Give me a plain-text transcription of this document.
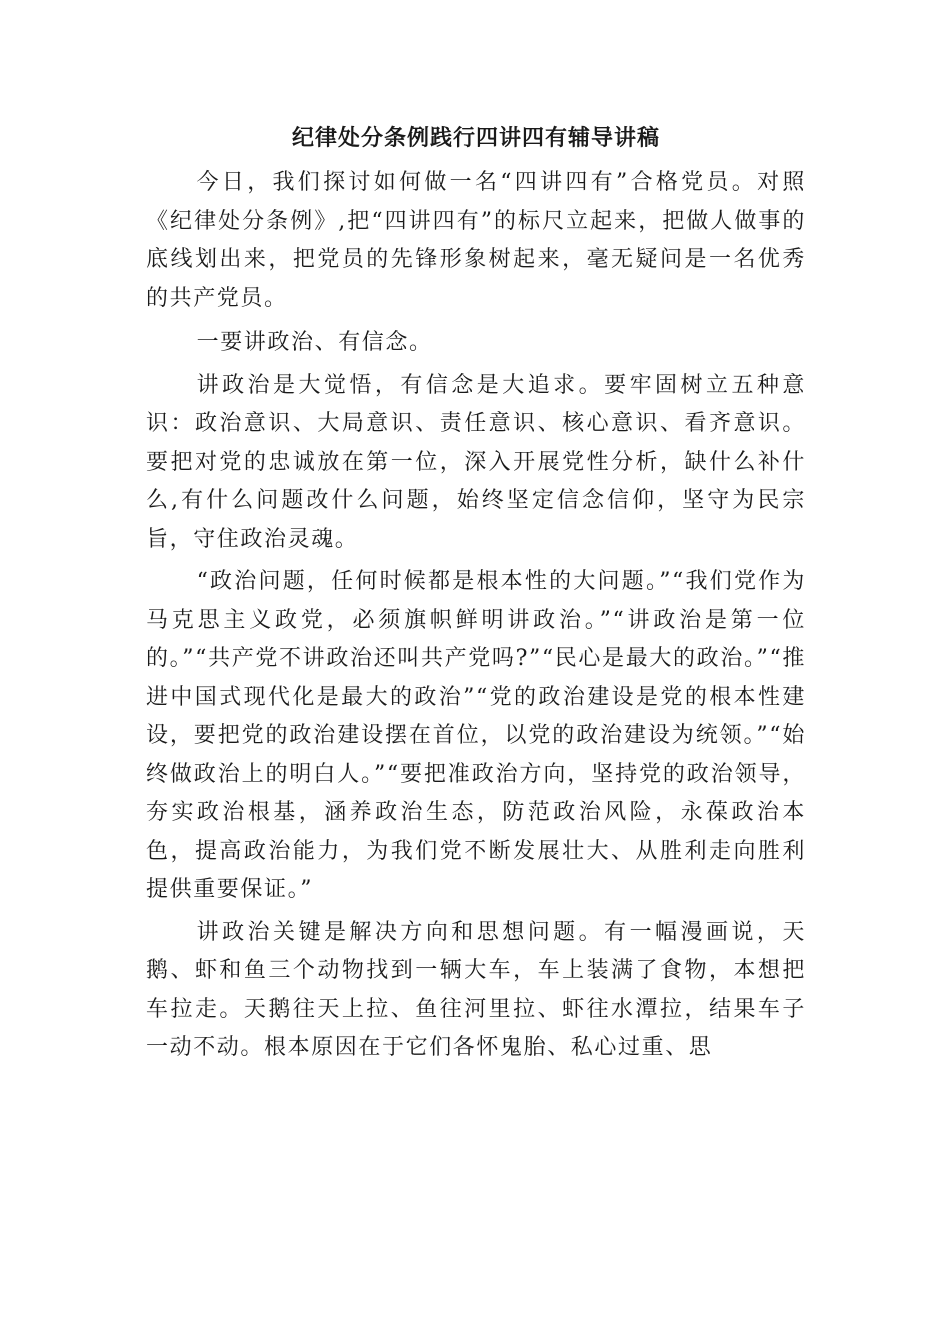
纪律处分条例践行四讲四有辅导讲稿

今日，我们探讨如何做一名“四讲四有”合格党员。对照《纪律处分条例》,把“四讲四有”的标尺立起来，把做人做事的底线划出来，把党员的先锋形象树起来，毫无疑问是一名优秀的共产党员。

一要讲政治、有信念。

讲政治是大觉悟，有信念是大追求。要牢固树立五种意识：政治意识、大局意识、责任意识、核心意识、看齐意识。要把对党的忠诚放在第一位，深入开展党性分析，缺什么补什么,有什么问题改什么问题，始终坚定信念信仰，坚守为民宗旨，守住政治灵魂。

“政治问题，任何时候都是根本性的大问题。”“我们党作为马克思主义政党，必须旗帜鲜明讲政治。”“讲政治是第一位的。”“共产党不讲政治还叫共产党吗?”“民心是最大的政治。”“推进中国式现代化是最大的政治”“党的政治建设是党的根本性建设，要把党的政治建设摆在首位，以党的政治建设为统领。”“始终做政治上的明白人。”“要把准政治方向，坚持党的政治领导，夯实政治根基，涵养政治生态，防范政治风险，永葆政治本色，提高政治能力，为我们党不断发展壮大、从胜利走向胜利提供重要保证。”

讲政治关键是解决方向和思想问题。有一幅漫画说，天鹅、虾和鱼三个动物找到一辆大车，车上装满了食物，本想把车拉走。天鹅往天上拉、鱼往河里拉、虾往水潭拉，结果车子一动不动。根本原因在于它们各怀鬼胎、私心过重、思
